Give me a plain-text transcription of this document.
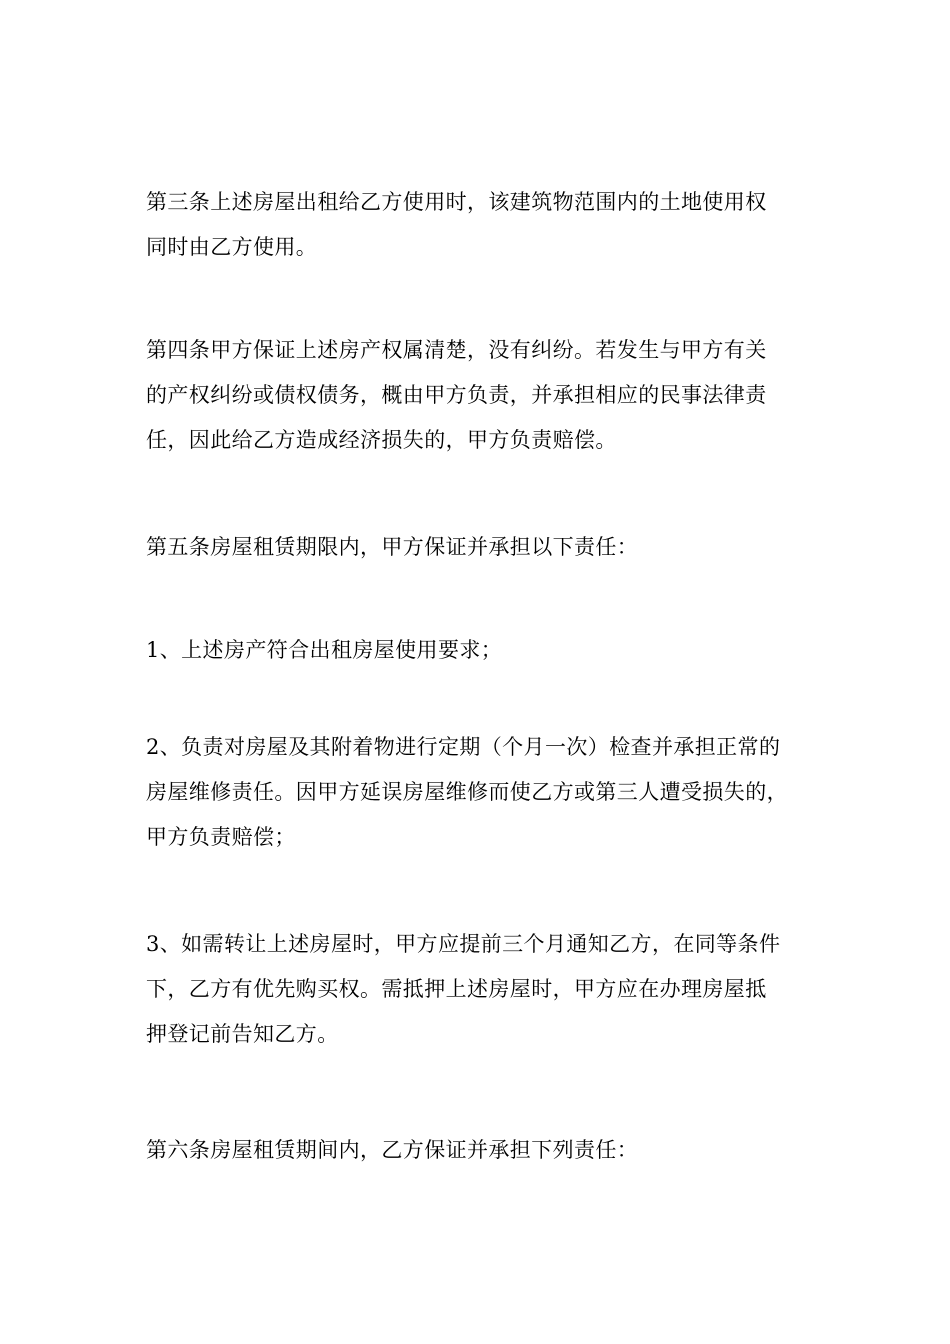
第三条上述房屋出租给乙方使用时，该建筑物范围内的土地使用权
同时由乙方使用。
第四条甲方保证上述房产权属清楚，没有纠纷。若发生与甲方有关
的产权纠纷或债权债务，概由甲方负责，并承担相应的民事法律责
任，因此给乙方造成经济损失的，甲方负责赔偿。
第五条房屋租赁期限内，甲方保证并承担以下责任：
1、上述房产符合出租房屋使用要求；
2、负责对房屋及其附着物进行定期（个月一次）检查并承担正常的
房屋维修责任。因甲方延误房屋维修而使乙方或第三人遭受损失的，
甲方负责赔偿；
3、如需转让上述房屋时，甲方应提前三个月通知乙方，在同等条件
下，乙方有优先购买权。需抵押上述房屋时，甲方应在办理房屋抵
押登记前告知乙方。
第六条房屋租赁期间内，乙方保证并承担下列责任：
